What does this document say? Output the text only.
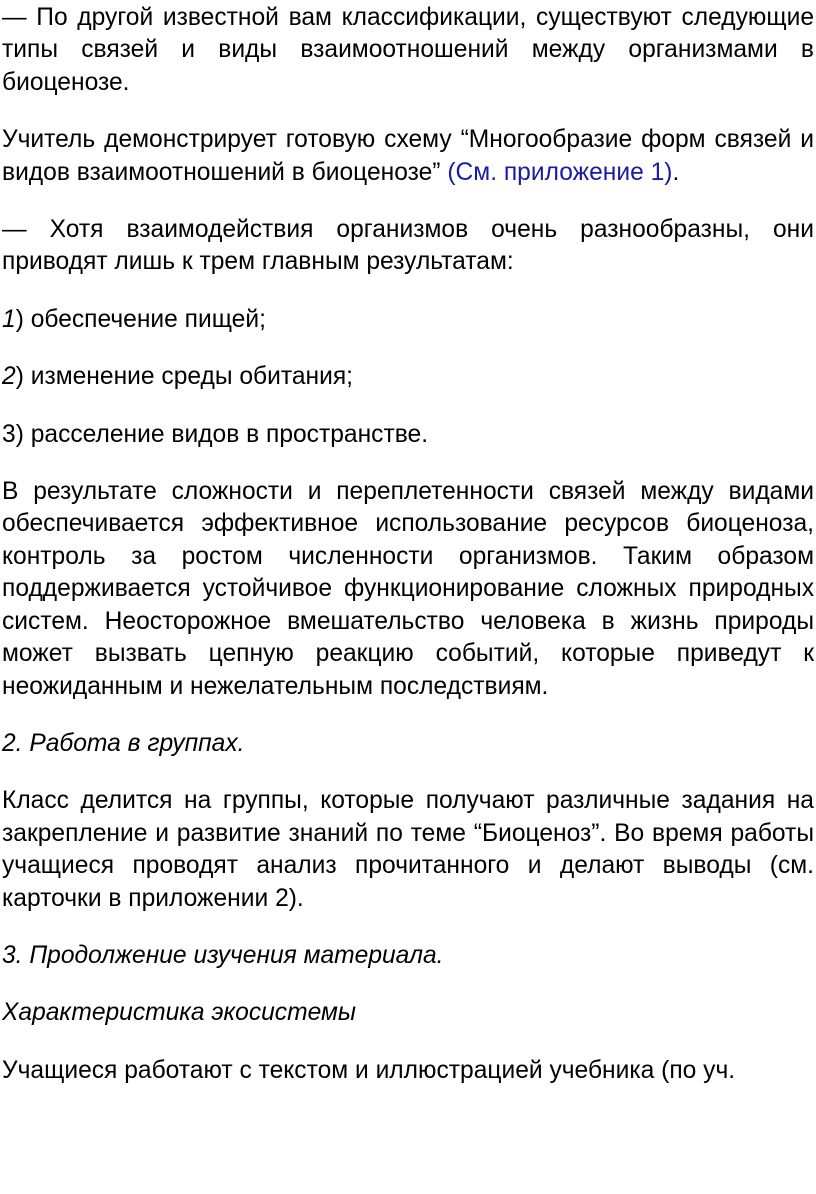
— По другой известной вам классификации, существуют следующие типы связей и виды взаимоотношений между организмами в биоценозе.

Учитель демонстрирует готовую схему “Многообразие форм связей и видов взаимоотношений в биоценозе” (См. приложение 1).

— Хотя взаимодействия организмов очень разнообразны, они приводят лишь к трем главным результатам:

1) обеспечение пищей;

2) изменение среды обитания;

3) расселение видов в пространстве.

В результате сложности и переплетенности связей между видами обеспечивается эффективное использование ресурсов биоценоза, контроль за ростом численности организмов. Таким образом поддерживается устойчивое функционирование сложных природных систем. Неосторожное вмешательство человека в жизнь природы может вызвать цепную реакцию событий, которые приведут к неожиданным и нежелательным последствиям.

2. Работа в группах.

Класс делится на группы, которые получают различные задания на закрепление и развитие знаний по теме “Биоценоз”. Во время работы учащиеся проводят анализ прочитанного и делают выводы (см. карточки в приложении 2).

3. Продолжение изучения материала.

Характеристика экосистемы

Учащиеся работают с текстом и иллюстрацией учебника (по уч.
